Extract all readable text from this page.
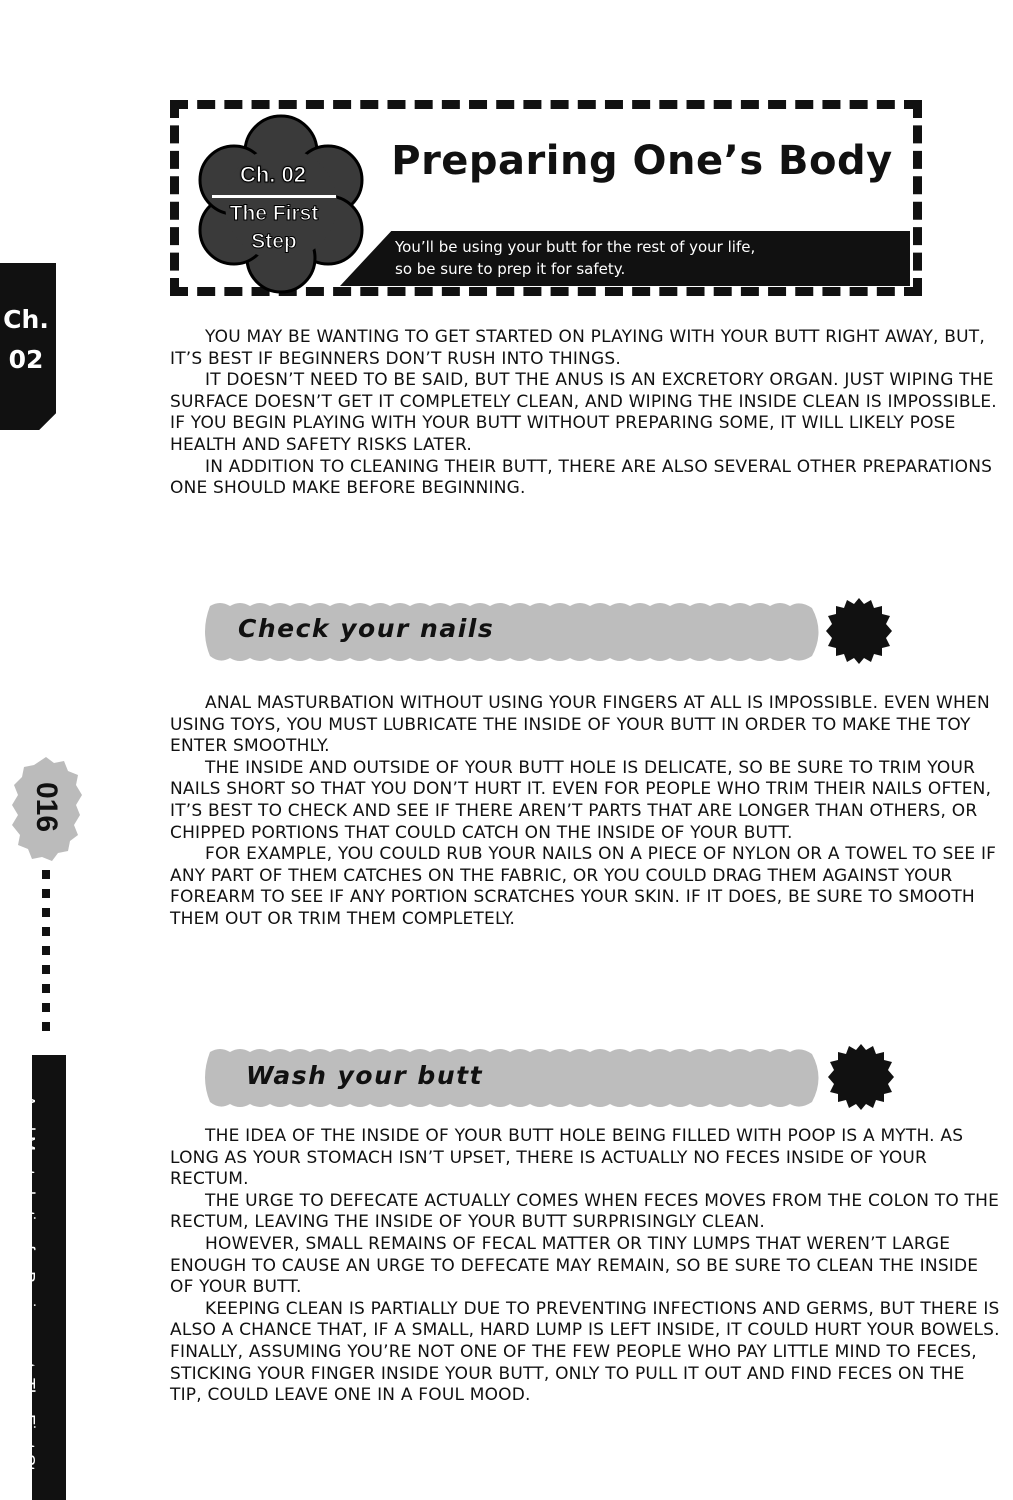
Ch. 02
The First Step
Preparing One’s Body
You’ll be using your butt for the rest of your life,
so be sure to prep it for safety.
Ch.
02
016
Anal Masturbation for Beginners ★ The First Step

YOU MAY BE WANTING TO GET STARTED ON PLAYING WITH YOUR BUTT RIGHT AWAY, BUT, IT’S BEST IF BEGINNERS DON’T RUSH INTO THINGS.

IT DOESN’T NEED TO BE SAID, BUT THE ANUS IS AN EXCRETORY ORGAN. JUST WIPING THE SURFACE DOESN’T GET IT COMPLETELY CLEAN, AND WIPING THE INSIDE CLEAN IS IMPOSSIBLE. IF YOU BEGIN PLAYING WITH YOUR BUTT WITHOUT PREPARING SOME, IT WILL LIKELY POSE HEALTH AND SAFETY RISKS LATER.

IN ADDITION TO CLEANING THEIR BUTT, THERE ARE ALSO SEVERAL OTHER PREPARATIONS ONE SHOULD MAKE BEFORE BEGINNING.

Check your nails

ANAL MASTURBATION WITHOUT USING YOUR FINGERS AT ALL IS IMPOSSIBLE. EVEN WHEN USING TOYS, YOU MUST LUBRICATE THE INSIDE OF YOUR BUTT IN ORDER TO MAKE THE TOY ENTER SMOOTHLY.

THE INSIDE AND OUTSIDE OF YOUR BUTT HOLE IS DELICATE, SO BE SURE TO TRIM YOUR NAILS SHORT SO THAT YOU DON’T HURT IT. EVEN FOR PEOPLE WHO TRIM THEIR NAILS OFTEN, IT’S BEST TO CHECK AND SEE IF THERE AREN’T PARTS THAT ARE LONGER THAN OTHERS, OR CHIPPED PORTIONS THAT COULD CATCH ON THE INSIDE OF YOUR BUTT.

FOR EXAMPLE, YOU COULD RUB YOUR NAILS ON A PIECE OF NYLON OR A TOWEL TO SEE IF ANY PART OF THEM CATCHES ON THE FABRIC, OR YOU COULD DRAG THEM AGAINST YOUR FOREARM TO SEE IF ANY PORTION SCRATCHES YOUR SKIN. IF IT DOES, BE SURE TO SMOOTH THEM OUT OR TRIM THEM COMPLETELY.

Wash your butt

THE IDEA OF THE INSIDE OF YOUR BUTT HOLE BEING FILLED WITH POOP IS A MYTH. AS LONG AS YOUR STOMACH ISN’T UPSET, THERE IS ACTUALLY NO FECES INSIDE OF YOUR RECTUM.

THE URGE TO DEFECATE ACTUALLY COMES WHEN FECES MOVES FROM THE COLON TO THE RECTUM, LEAVING THE INSIDE OF YOUR BUTT SURPRISINGLY CLEAN.

HOWEVER, SMALL REMAINS OF FECAL MATTER OR TINY LUMPS THAT WEREN’T LARGE ENOUGH TO CAUSE AN URGE TO DEFECATE MAY REMAIN, SO BE SURE TO CLEAN THE INSIDE OF YOUR BUTT.

KEEPING CLEAN IS PARTIALLY DUE TO PREVENTING INFECTIONS AND GERMS, BUT THERE IS ALSO A CHANCE THAT, IF A SMALL, HARD LUMP IS LEFT INSIDE, IT COULD HURT YOUR BOWELS. FINALLY, ASSUMING YOU’RE NOT ONE OF THE FEW PEOPLE WHO PAY LITTLE MIND TO FECES, STICKING YOUR FINGER INSIDE YOUR BUTT, ONLY TO PULL IT OUT AND FIND FECES ON THE TIP, COULD LEAVE ONE IN A FOUL MOOD.
